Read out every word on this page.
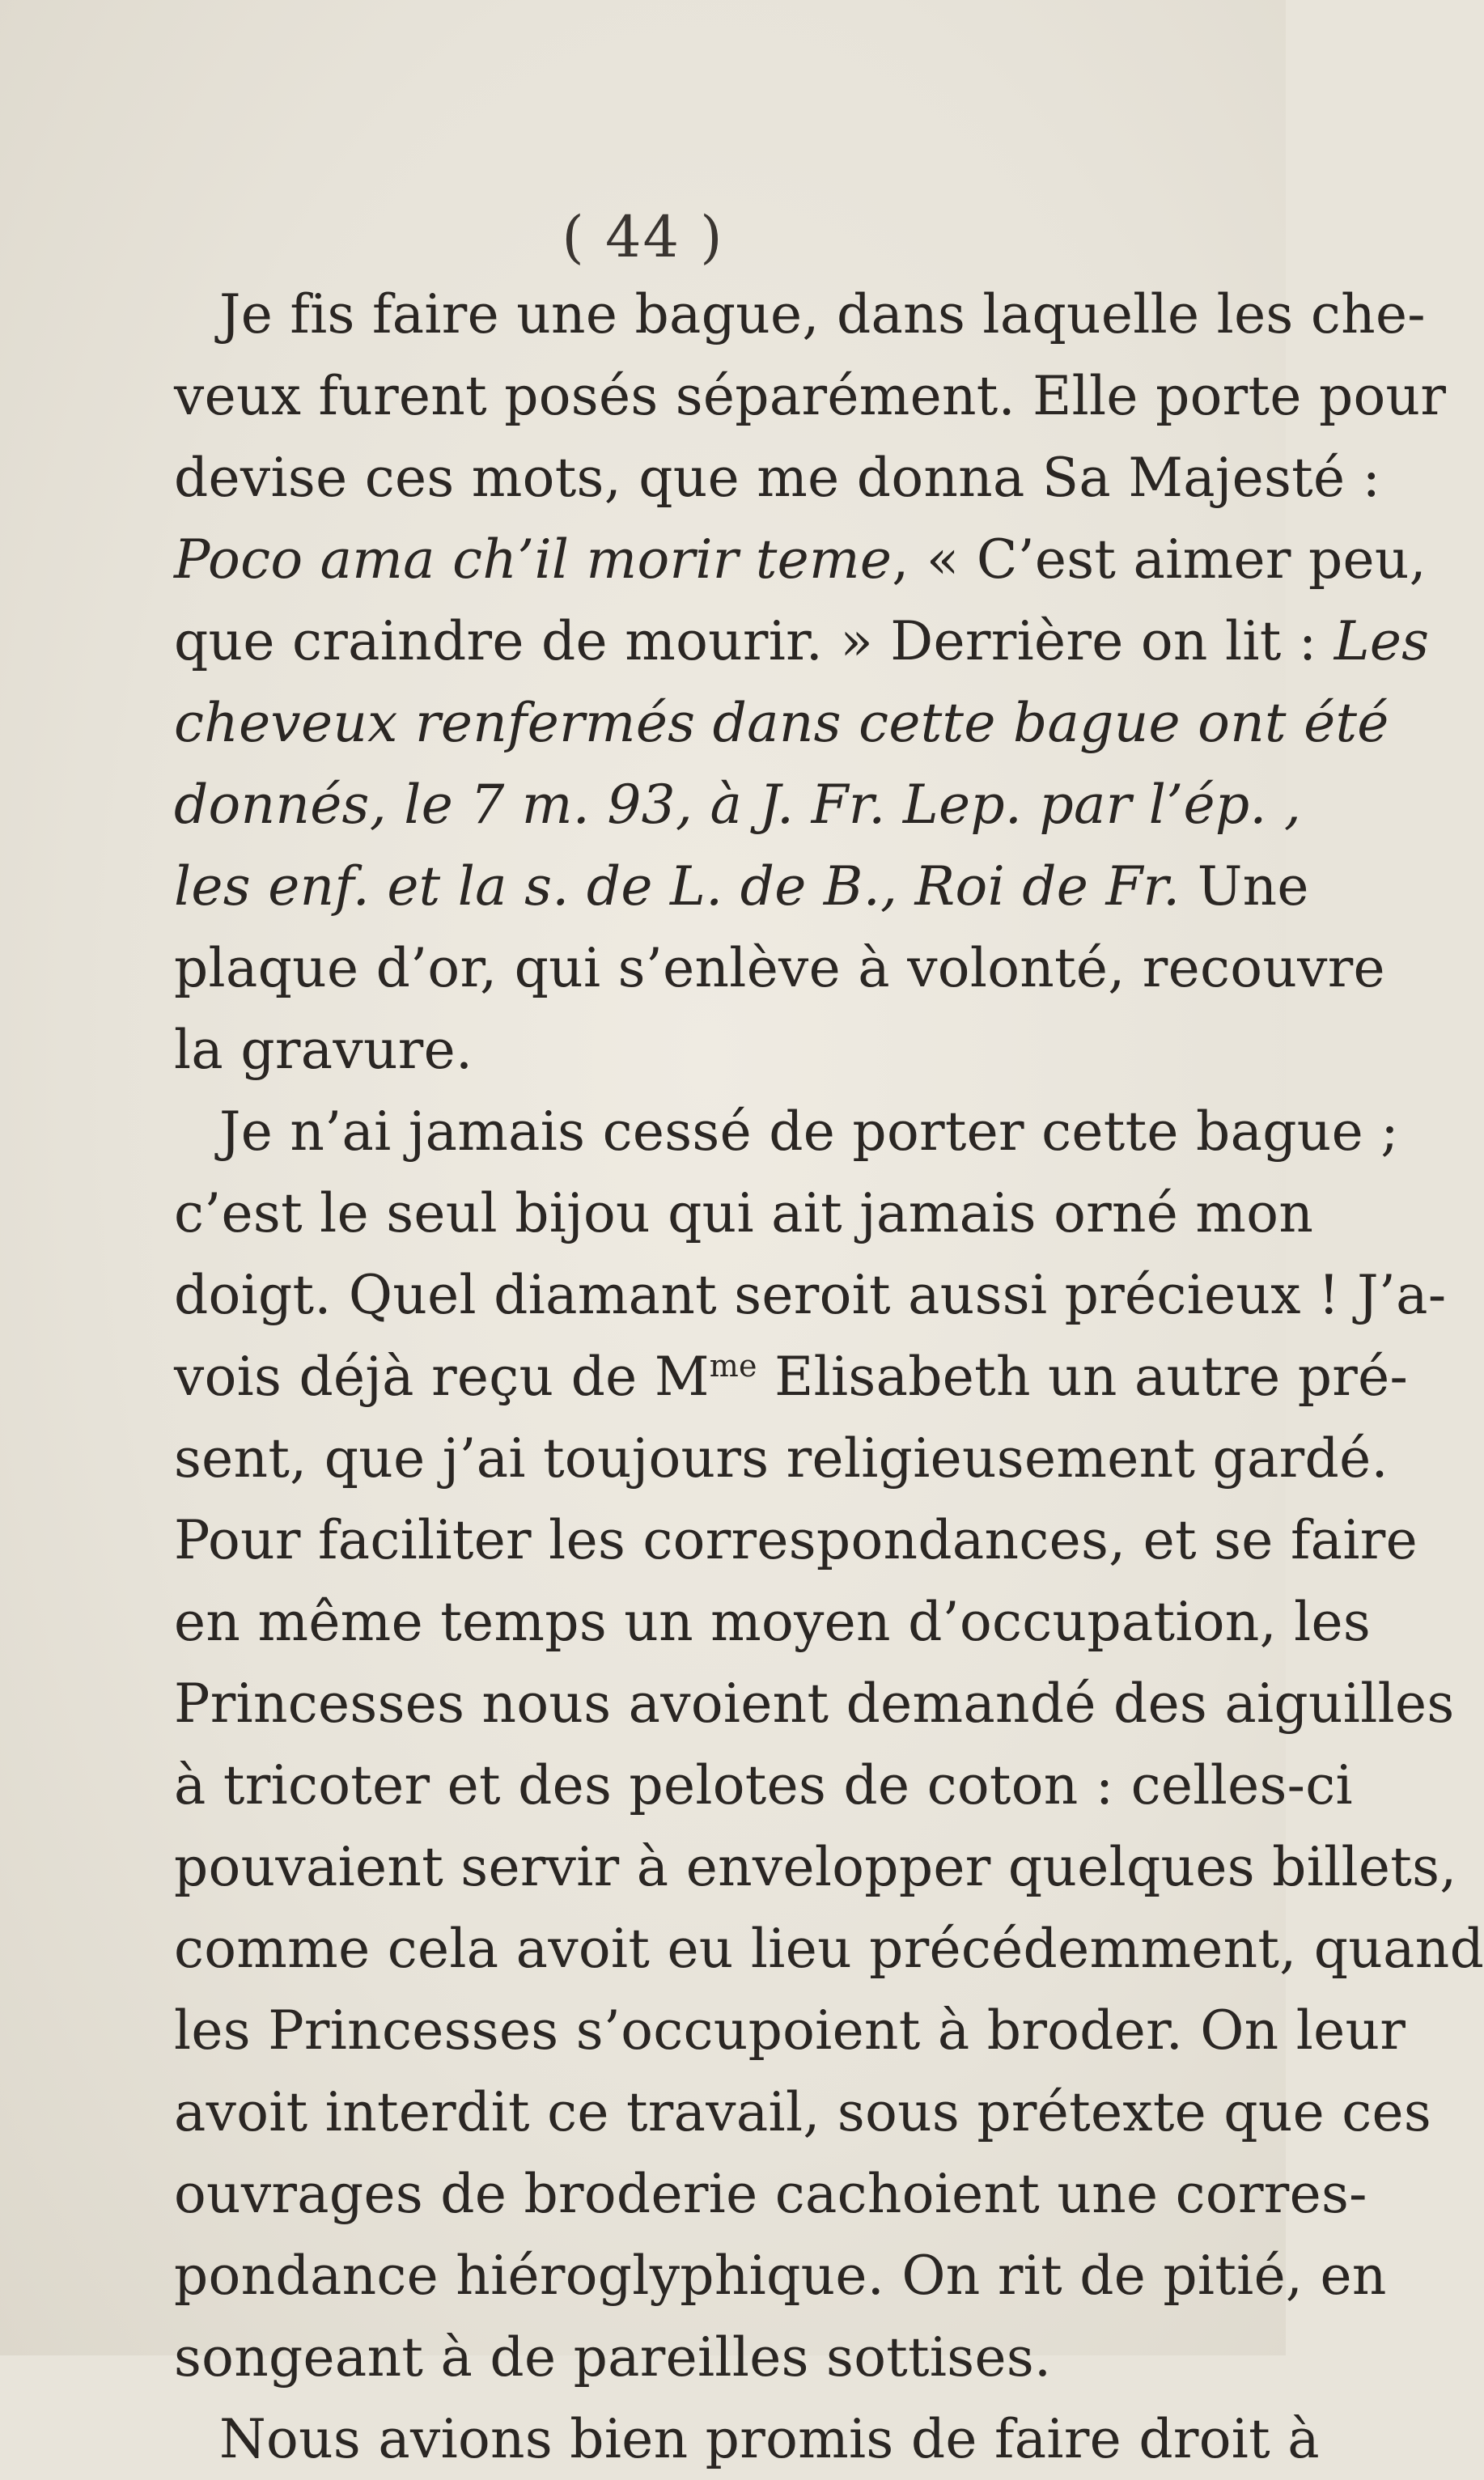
( 44 )
Je fis faire une bague, dans laquelle les che-
veux furent posés séparément. Elle porte pour
devise ces mots, que me donna Sa Majesté :
Poco ama ch’il morir teme, « C’est aimer peu,
que craindre de mourir. » Derrière on lit : Les
cheveux renfermés dans cette bague ont été
donnés, le 7 m. 93, à J. Fr. Lep. par l’ép. ,
les enf. et la s. de L. de B., Roi de Fr. Une
plaque d’or, qui s’enlève à volonté, recouvre
la gravure.
Je n’ai jamais cessé de porter cette bague ;
c’est le seul bijou qui ait jamais orné mon
doigt. Quel diamant seroit aussi précieux ! J’a-
vois déjà reçu de $M^{me}$ Elisabeth un autre pré-
sent, que j’ai toujours religieusement gardé.
Pour faciliter les correspondances, et se faire
en même temps un moyen d’occupation, les
Princesses nous avoient demandé des aiguilles
à tricoter et des pelotes de coton : celles-ci
pouvaient servir à envelopper quelques billets,
comme cela avoit eu lieu précédemment, quand
les Princesses s’occupoient à broder. On leur
avoit interdit ce travail, sous prétexte que ces
ouvrages de broderie cachoient une corres-
pondance hiéroglyphique. On rit de pitié, en
songeant à de pareilles sottises.
Nous avions bien promis de faire droit à
